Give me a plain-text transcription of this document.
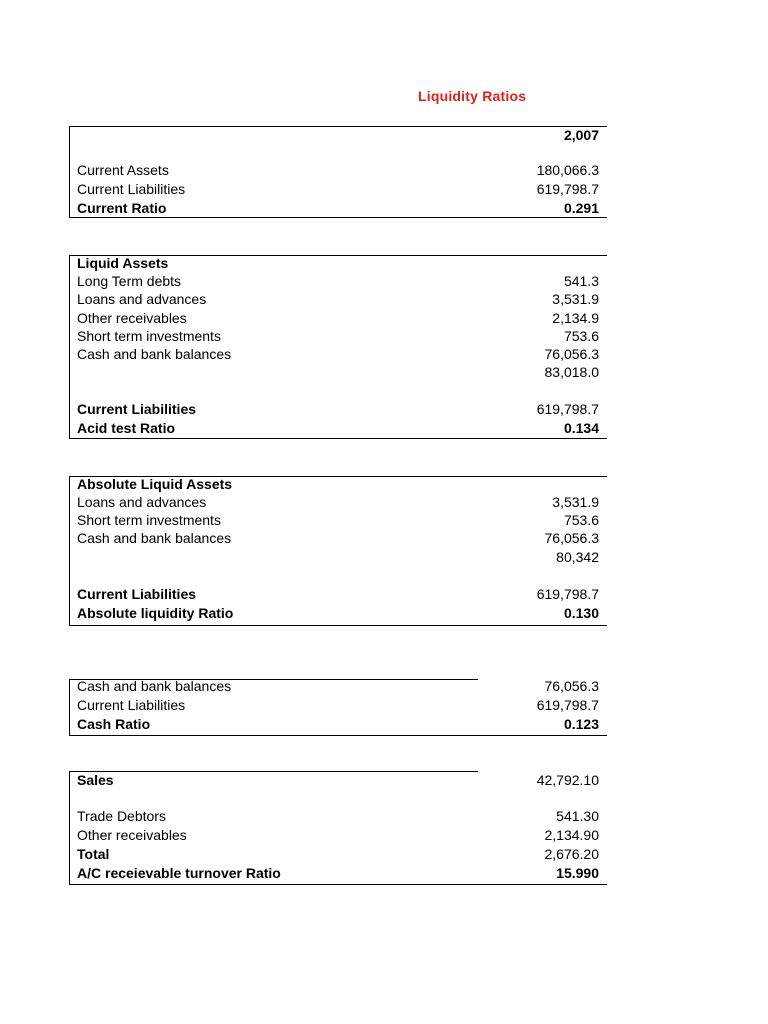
Liquidity Ratios
2,007
Current Assets	180,066.3
Current Liabilities	619,798.7
Current Ratio	0.291
Liquid Assets
Long Term debts	541.3
Loans and advances	3,531.9
Other receivables	2,134.9
Short term investments	753.6
Cash and bank balances	76,056.3
83,018.0
Current Liabilities	619,798.7
Acid test Ratio	0.134
Absolute Liquid Assets
Loans and advances	3,531.9
Short term investments	753.6
Cash and bank balances	76,056.3
80,342
Current Liabilities	619,798.7
Absolute liquidity Ratio	0.130
Cash and bank balances	76,056.3
Current Liabilities	619,798.7
Cash Ratio	0.123
Sales	42,792.10
Trade Debtors	541.30
Other receivables	2,134.90
Total	2,676.20
A/C receievable turnover Ratio	15.990
